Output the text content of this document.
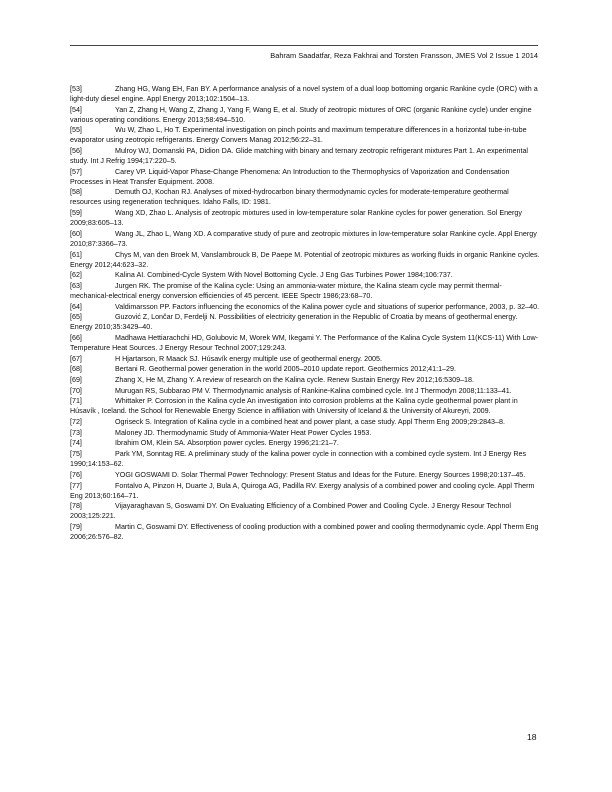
Bahram Saadatfar, Reza Fakhrai and Torsten Fransson, JMES Vol 2 Issue 1 2014

[53]	Zhang HG, Wang EH, Fan BY. A performance analysis of a novel system of a dual loop bottoming organic Rankine cycle (ORC) with a light-duty diesel engine. Appl Energy 2013;102:1504–13.

[54]	Yan Z, Zhang H, Wang Z, Zhang J, Yang F, Wang E, et al. Study of zeotropic mixtures of ORC (organic Rankine cycle) under engine various operating conditions. Energy 2013;58:494–510.

[55]	Wu W, Zhao L, Ho T. Experimental investigation on pinch points and maximum temperature differences in a horizontal tube-in-tube evaporator using zeotropic refrigerants. Energy Convers Manag 2012;56:22–31.

[56]	Mulroy WJ, Domanski PA, Didion DA. Glide matching with binary and ternary zeotropic refrigerant mixtures Part 1. An experimental study. Int J Refrig 1994;17:220–5.

[57]	Carey VP. Liquid-Vapor Phase-Change Phenomena: An Introduction to the Thermophysics of Vaporization and Condensation Processes in Heat Transfer Equipment. 2008.

[58]	Demuth OJ, Kochan RJ. Analyses of mixed-hydrocarbon binary thermodynamic cycles for moderate-temperature geothermal resources using regeneration techniques. Idaho Falls, ID: 1981.

[59]	Wang XD, Zhao L. Analysis of zeotropic mixtures used in low-temperature solar Rankine cycles for power generation. Sol Energy 2009;83:605–13.

[60]	Wang JL, Zhao L, Wang XD. A comparative study of pure and zeotropic mixtures in low-temperature solar Rankine cycle. Appl Energy 2010;87:3366–73.

[61]	Chys M, van den Broek M, Vanslambrouck B, De Paepe M. Potential of zeotropic mixtures as working fluids in organic Rankine cycles. Energy 2012;44:623–32.

[62]	Kalina AI. Combined-Cycle System With Novel Bottoming Cycle. J Eng Gas Turbines Power 1984;106:737.

[63]	Jurgen RK. The promise of the Kalina cycle: Using an ammonia-water mixture, the Kalina steam cycle may permit thermal-mechanical-electrical energy conversion efficiencies of 45 percent. IEEE Spectr 1986;23:68–70.

[64]	Valdimarsson PP. Factors influencing the economics of the Kalina power cycle and situations of superior performance, 2003, p. 32–40.

[65]	Guzović Z, Lončar D, Ferdelji N. Possibilities of electricity generation in the Republic of Croatia by means of geothermal energy. Energy 2010;35:3429–40.

[66]	Madhawa Hettiarachchi HD, Golubovic M, Worek WM, Ikegami Y. The Performance of the Kalina Cycle System 11(KCS-11) With Low-Temperature Heat Sources. J Energy Resour Technol 2007;129:243.

[67]	H Hjartarson, R Maack SJ. Húsavík energy multiple use of geothermal energy. 2005.

[68]	Bertani R. Geothermal power generation in the world 2005–2010 update report. Geothermics 2012;41:1–29.

[69]	Zhang X, He M, Zhang Y. A review of research on the Kalina cycle. Renew Sustain Energy Rev 2012;16:5309–18.

[70]	Murugan RS, Subbarao PM V. Thermodynamic analysis of Rankine-Kalina combined cycle. Int J Thermodyn 2008;11:133–41.

[71]	Whittaker P. Corrosion in the Kalina cycle An investigation into corrosion problems at the Kalina cycle geothermal power plant in Húsavík , Iceland. the School for Renewable Energy Science in affiliation with University of Iceland & the University of Akureyri, 2009.

[72]	Ogriseck S. Integration of Kalina cycle in a combined heat and power plant, a case study. Appl Therm Eng 2009;29:2843–8.

[73]	Maloney JD. Thermodynamic Study of Ammonia-Water Heat Power Cycles 1953.

[74]	Ibrahim OM, Klein SA. Absorption power cycles. Energy 1996;21:21–7.

[75]	Park YM, Sonntag RE. A preliminary study of the kalina power cycle in connection with a combined cycle system. Int J Energy Res 1990;14:153–62.

[76]	YOGI GOSWAMI D. Solar Thermal Power Technology: Present Status and Ideas for the Future. Energy Sources 1998;20:137–45.

[77]	Fontalvo A, Pinzon H, Duarte J, Bula A, Quiroga AG, Padilla RV. Exergy analysis of a combined power and cooling cycle. Appl Therm Eng 2013;60:164–71.

[78]	Vijayaraghavan S, Goswami DY. On Evaluating Efficiency of a Combined Power and Cooling Cycle. J Energy Resour Technol 2003;125:221.

[79]	Martin C, Goswami DY. Effectiveness of cooling production with a combined power and cooling thermodynamic cycle. Appl Therm Eng 2006;26:576–82.

18
